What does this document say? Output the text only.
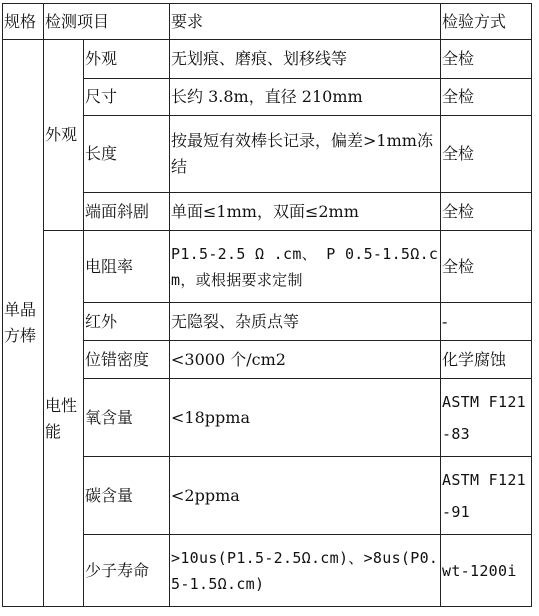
规格	检测项目		要求	检验方式
单晶方棒	外观	外观	无划痕、磨痕、划移线等	全检
		尺寸	长约 3.8m，直径 210mm	全检
		长度	按最短有效棒长记录，偏差>1mm冻结	全检
		端面斜剧	单面≤1mm，双面≤2mm	全检
	电性能	电阻率	P1.5-2.5 Ω .cm、 P 0.5-1.5Ω.cm，或根据要求定制	全检
		红外	无隐裂、杂质点等	-
		位错密度	<3000 个/cm2	化学腐蚀
		氧含量	<18ppma	ASTM F121-83
		碳含量	<2ppma	ASTM F121-91
		少子寿命	>10us(P1.5-2.5Ω.cm)、>8us(P0.5-1.5Ω.cm)	wt-1200i
